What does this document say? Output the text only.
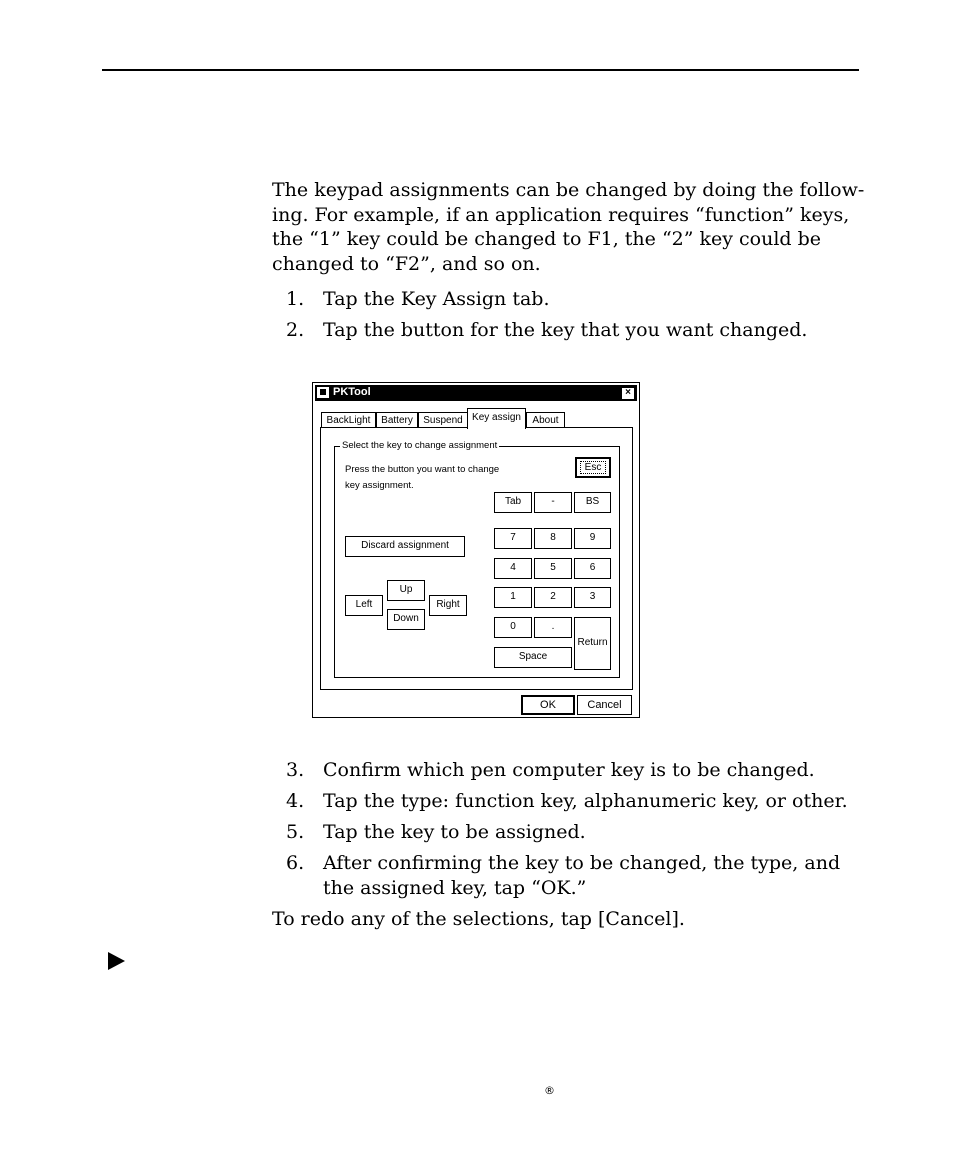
The keypad assignments can be changed by doing the follow-
ing. For example, if an application requires “function” keys,
the “1” key could be changed to F1, the “2” key could be
changed to “F2”, and so on.

1. Tap the Key Assign tab.
2. Tap the button for the key that you want changed.
PKTool	×
BackLight	Battery	Suspend Key assign	About
Select the key to change assignment
Press the button you want to change
key assignment.
Esc
Discard assignment
Up
Left	Right
Down
Tab	-	BS
7	8	9
4	5	6
1	2	3
0	.
Return
Space
OK	Cancel
3. Confirm which pen computer key is to be changed.
4. Tap the type: function key, alphanumeric key, or other.
5. Tap the key to be assigned.
6. After confirming the key to be changed, the type, and
the assigned key, tap “OK.”

To redo any of the selections, tap [Cancel].

®
